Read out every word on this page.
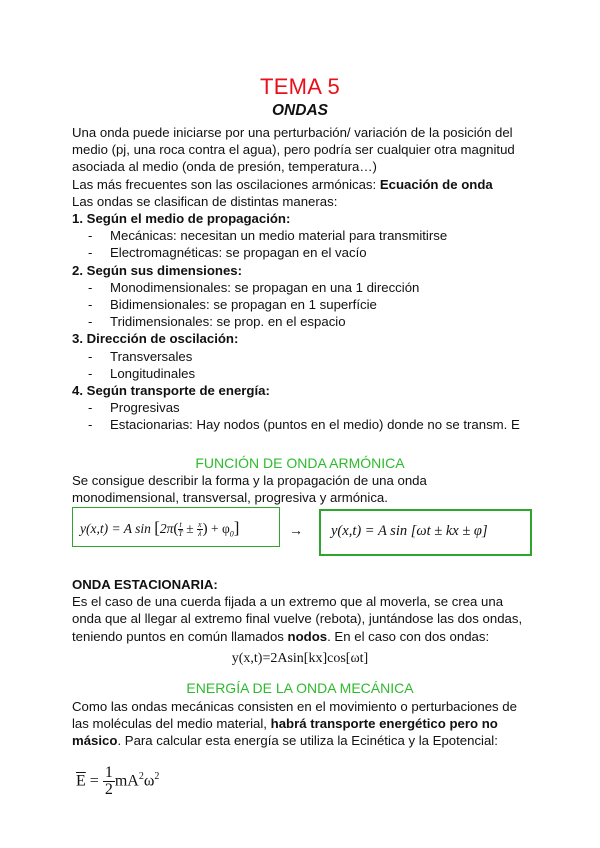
TEMA 5
ONDAS
Una onda puede iniciarse por una perturbación/ variación de la posición del
medio (pj, una roca contra el agua), pero podría ser cualquier otra magnitud
asociada al medio (onda de presión, temperatura…)
Las más frecuentes son las oscilaciones armónicas: Ecuación de onda
Las ondas se clasifican de distintas maneras:
1. Según el medio de propagación:
- Mecánicas: necesitan un medio material para transmitirse
- Electromagnéticas: se propagan en el vacío
2. Según sus dimensiones:
- Monodimensionales: se propagan en una 1 dirección
- Bidimensionales: se propagan en 1 superfície
- Tridimensionales: se prop. en el espacio
3. Dirección de oscilación:
- Transversales
- Longitudinales
4. Según transporte de energía:
- Progresivas
- Estacionarias: Hay nodos (puntos en el medio) donde no se transm. E
FUNCIÓN DE ONDA ARMÓNICA
Se consigue describir la forma y la propagación de una onda
monodimensional, transversal, progresiva y armónica.
y(x,t) = A $\sin [2\pi( \frac{t}{T} \pm \frac{x}{\lambda}$ ) + $\varphi_0$]	→ y(x,t) = A sin [ωt ± kx ± φ]
ONDA ESTACIONARIA:
Es el caso de una cuerda fijada a un extremo que al moverla, se crea una
onda que al llegar al extremo final vuelve (rebota), juntándose las dos ondas,
teniendo puntos en común llamados nodos. En el caso con dos ondas:
y(x,t)=2Asin[kx]cos[ωt]
ENERGÍA DE LA ONDA MECÁNICA
Como las ondas mecánicas consisten en el movimiento o perturbaciones de
las moléculas del medio material, habrá transporte energético pero no
másico. Para calcular esta energía se utiliza la Ecinética y la Epotencial:
$\overline{E} = \frac{1}{2} mA^2\omega^2$
